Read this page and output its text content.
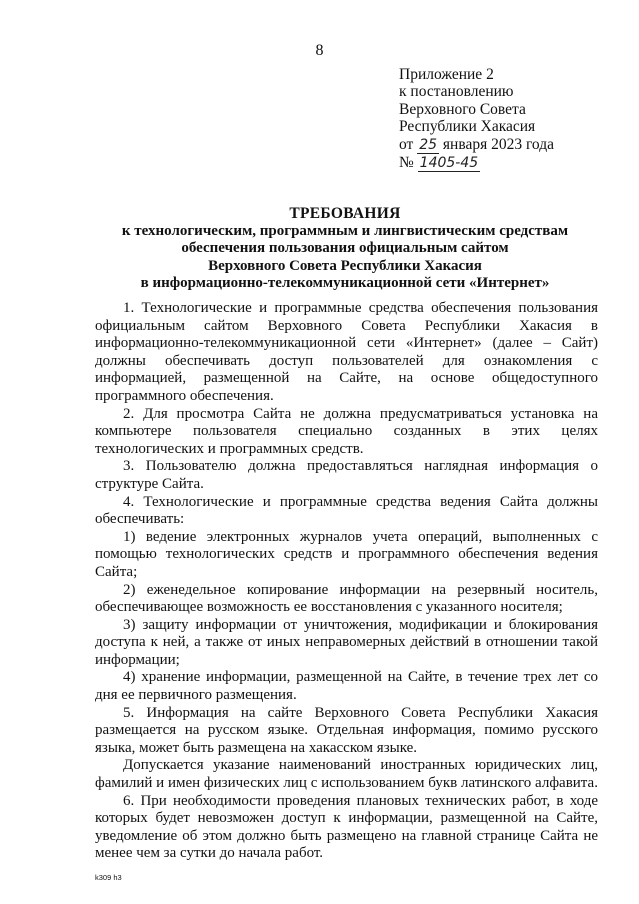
8
Приложение 2
к постановлению
Верховного Совета
Республики Хакасия
от 25 января 2023 года
№ 1405-45
ТРЕБОВАНИЯ
к технологическим, программным и лингвистическим средствам
обеспечения пользования официальным сайтом
Верховного Совета Республики Хакасия
в информационно-телекоммуникационной сети «Интернет»

1. Технологические и программные средства обеспечения пользования официальным сайтом Верховного Совета Республики Хакасия в информационно-телекоммуникационной сети «Интернет» (далее – Сайт) должны обеспечивать доступ пользователей для ознакомления с информацией, размещенной на Сайте, на основе общедоступного программного обеспечения.

2. Для просмотра Сайта не должна предусматриваться установка на компьютере пользователя специально созданных в этих целях технологических и программных средств.

3. Пользователю должна предоставляться наглядная информация о структуре Сайта.

4. Технологические и программные средства ведения Сайта должны обеспечивать:

1) ведение электронных журналов учета операций, выполненных с помощью технологических средств и программного обеспечения ведения Сайта;

2) еженедельное копирование информации на резервный носитель, обеспечивающее возможность ее восстановления с указанного носителя;

3) защиту информации от уничтожения, модификации и блокирования доступа к ней, а также от иных неправомерных действий в отношении такой информации;

4) хранение информации, размещенной на Сайте, в течение трех лет со дня ее первичного размещения.

5. Информация на сайте Верховного Совета Республики Хакасия размещается на русском языке. Отдельная информация, помимо русского языка, может быть размещена на хакасском языке.

Допускается указание наименований иностранных юридических лиц, фамилий и имен физических лиц с использованием букв латинского алфавита.

6. При необходимости проведения плановых технических работ, в ходе которых будет невозможен доступ к информации, размещенной на Сайте, уведомление об этом должно быть размещено на главной странице Сайта не менее чем за сутки до начала работ.

k309 h3
